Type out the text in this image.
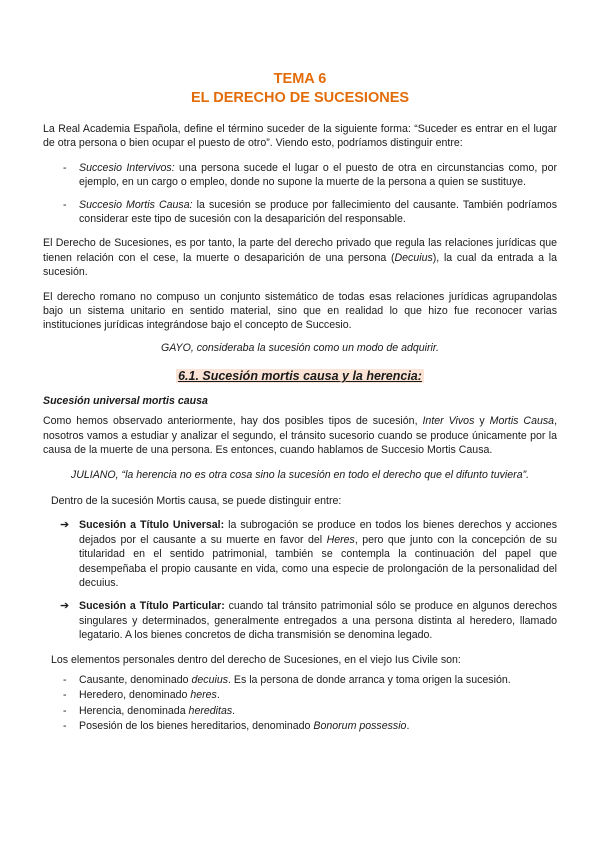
TEMA 6
EL DERECHO DE SUCESIONES

La Real Academia Española, define el término suceder de la siguiente forma: “Suceder es entrar en el lugar de otra persona o bien ocupar el puesto de otro”. Viendo esto, podríamos distinguir entre:

- Succesio Intervivos: una persona sucede el lugar o el puesto de otra en circunstancias como, por ejemplo, en un cargo o empleo, donde no supone la muerte de la persona a quien se sustituye.
- Succesio Mortis Causa: la sucesión se produce por fallecimiento del causante. También podríamos considerar este tipo de sucesión con la desaparición del responsable.

El Derecho de Sucesiones, es por tanto, la parte del derecho privado que regula las relaciones jurídicas que tienen relación con el cese, la muerte o desaparición de una persona (Decuius), la cual da entrada a la sucesión.

El derecho romano no compuso un conjunto sistemático de todas esas relaciones jurídicas agrupandolas bajo un sistema unitario en sentido material, sino que en realidad lo que hizo fue reconocer varias instituciones jurídicas integrándose bajo el concepto de Succesio.

GAYO, consideraba la sucesión como un modo de adquirir.

6.1. Sucesión mortis causa y la herencia:
Sucesión universal mortis causa

Como hemos observado anteriormente, hay dos posibles tipos de sucesión, Inter Vivos y Mortis Causa, nosotros vamos a estudiar y analizar el segundo, el tránsito sucesorio cuando se produce únicamente por la causa de la muerte de una persona. Es entonces, cuando hablamos de Succesio Mortis Causa.

JULIANO, “la herencia no es otra cosa sino la sucesión en todo el derecho que el difunto tuviera”.

Dentro de la sucesión Mortis causa, se puede distinguir entre:

➔ Sucesión a Título Universal: la subrogación se produce en todos los bienes derechos y acciones dejados por el causante a su muerte en favor del Heres, pero que junto con la concepción de su titularidad en el sentido patrimonial, también se contempla la continuación del papel que desempeñaba el propio causante en vida, como una especie de prolongación de la personalidad del decuius.
➔ Sucesión a Título Particular: cuando tal tránsito patrimonial sólo se produce en algunos derechos singulares y determinados, generalmente entregados a una persona distinta al heredero, llamado legatario. A los bienes concretos de dicha transmisión se denomina legado.

Los elementos personales dentro del derecho de Sucesiones, en el viejo Ius Civile son:

- Causante, denominado decuius. Es la persona de donde arranca y toma origen la sucesión.
- Heredero, denominado heres.
- Herencia, denominada hereditas.
- Posesión de los bienes hereditarios, denominado Bonorum possessio.
